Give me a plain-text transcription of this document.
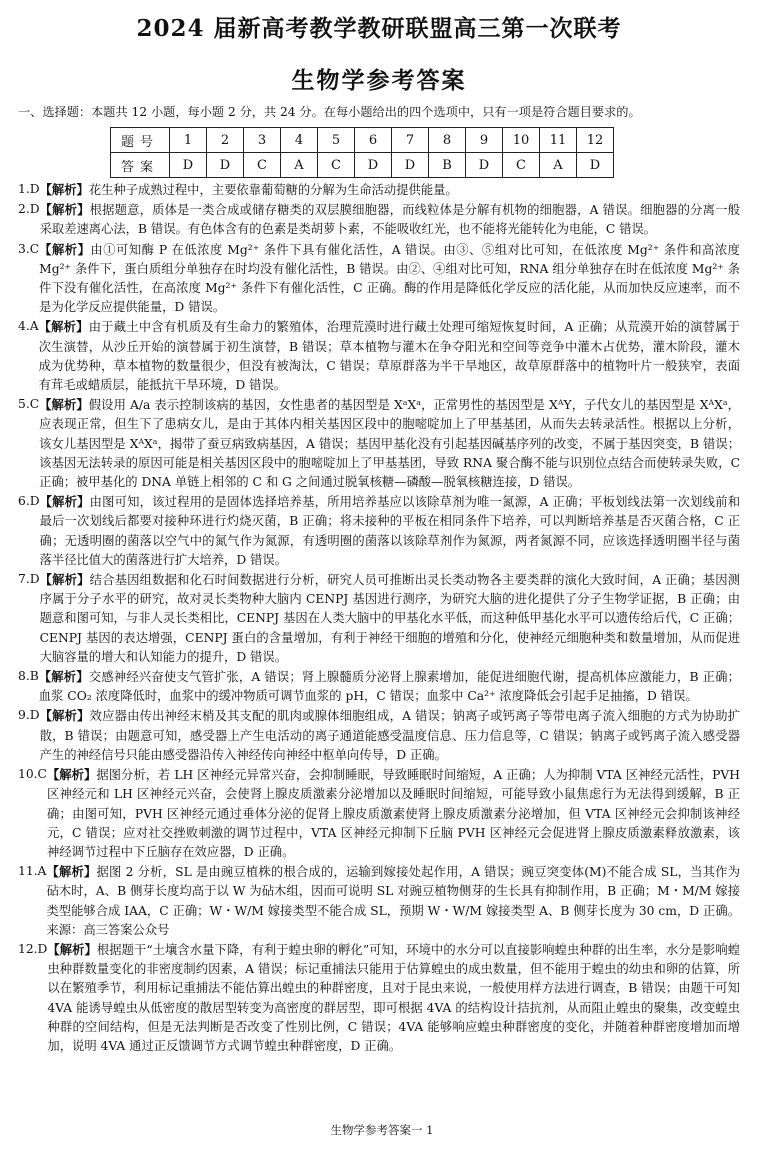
2024 届新高考教学教研联盟高三第一次联考
生物学参考答案
一、选择题：本题共 12 小题，每小题 2 分，共 24 分。在每小题给出的四个选项中，只有一项是符合题目要求的。
题号	1	2	3	4	5	6	7	8	9	10	11	12
答案	D	D	C	A	C	D	D	B	D	C	A	D
1.D 【解析】花生种子成熟过程中，主要依靠葡萄糖的分解为生命活动提供能量。
2.D 【解析】根据题意，质体是一类合成或储存糖类的双层膜细胞器，而线粒体是分解有机物的细胞器，A 错误。细胞器的分离一般采取差速离心法，B 错误。有色体含有的色素是类胡萝卜素，不能吸收红光，也不能将光能转化为电能，C 错误。
3.C 【解析】由①可知酶 P 在低浓度 Mg²⁺ 条件下具有催化活性，A 错误。由③、⑤组对比可知，在低浓度 Mg²⁺ 条件和高浓度 Mg²⁺ 条件下，蛋白质组分单独存在时均没有催化活性，B 错误。由②、④组对比可知，RNA 组分单独存在时在低浓度 Mg²⁺ 条件下没有催化活性，在高浓度 Mg²⁺ 条件下有催化活性，C 正确。酶的作用是降低化学反应的活化能，从而加快反应速率，而不是为化学反应提供能量，D 错误。
4.A 【解析】由于藏土中含有机质及有生命力的繁殖体，治理荒漠时进行藏土处理可缩短恢复时间，A 正确；从荒漠开始的演替属于次生演替，从沙丘开始的演替属于初生演替，B 错误；草本植物与灌木在争夺阳光和空间等竞争中灌木占优势，灌木阶段，灌木成为优势种，草本植物的数量很少，但没有被淘汰，C 错误；草原群落为半干旱地区，故草原群落中的植物叶片一般狭窄，表面有茸毛或蜡质层，能抵抗干旱环境，D 错误。
5.C 【解析】假设用 A/a 表示控制该病的基因，女性患者的基因型是 XᵃXᵃ，正常男性的基因型是 XᴬY，子代女儿的基因型是 XᴬXᵃ，应表现正常，但生下了患病女儿，是由于其体内相关基因区段中的胞嘧啶加上了甲基基团，从而失去转录活性。根据以上分析，该女儿基因型是 XᴬXᵃ，揭带了蚕豆病致病基因，A 错误；基因甲基化没有引起基因碱基序列的改变，不属于基因突变，B 错误；该基因无法转录的原因可能是相关基因区段中的胞嘧啶加上了甲基基团，导致 RNA 聚合酶不能与识别位点结合而使转录失败，C 正确；被甲基化的 DNA 单链上相邻的 C 和 G 之间通过脱氧核糖—磷酸—脱氧核糖连接，D 错误。
6.D 【解析】由图可知，该过程用的是固体选择培养基，所用培养基应以该除草剂为唯一氮源，A 正确；平板划线法第一次划线前和最后一次划线后都要对接种环进行灼烧灭菌，B 正确；将未接种的平板在相同条件下培养，可以判断培养基是否灭菌合格，C 正确；无透明圈的菌落以空气中的氮气作为氮源，有透明圈的菌落以该除草剂作为氮源，两者氮源不同，应该选择透明圈半径与菌落半径比值大的菌落进行扩大培养，D 错误。
7.D 【解析】结合基因组数据和化石时间数据进行分析，研究人员可推断出灵长类动物各主要类群的演化大致时间，A 正确；基因测序属于分子水平的研究，故对灵长类物种大脑内 CENPJ 基因进行测序，为研究大脑的进化提供了分子生物学证据，B 正确；由题意和图可知，与非人灵长类相比，CENPJ 基因在人类大脑中的甲基化水平低，而这种低甲基化水平可以遗传给后代，C 正确；CENPJ 基因的表达增强，CENPJ 蛋白的含量增加，有利于神经干细胞的增殖和分化，使神经元细胞种类和数量增加，从而促进大脑容量的增大和认知能力的提升，D 错误。
8.B 【解析】交感神经兴奋使支气管扩张，A 错误；肾上腺髓质分泌肾上腺素增加，能促进细胞代谢，提高机体应激能力，B 正确；血浆 CO₂ 浓度降低时，血浆中的缓冲物质可调节血浆的 pH，C 错误；血浆中 Ca²⁺ 浓度降低会引起手足抽搐，D 错误。
9.D 【解析】效应器由传出神经末梢及其支配的肌肉或腺体细胞组成，A 错误；钠离子或钙离子等带电离子流入细胞的方式为协助扩散，B 错误；由题意可知，感受器上产生电活动的离子通道能感受温度信息、压力信息等，C 错误；钠离子或钙离子流入感受器产生的神经信号只能由感受器沿传入神经传向神经中枢单向传导，D 正确。
10.C 【解析】据图分析，若 LH 区神经元异常兴奋，会抑制睡眠，导致睡眠时间缩短，A 正确；人为抑制 VTA 区神经元活性，PVH 区神经元和 LH 区神经元兴奋，会使肾上腺皮质激素分泌增加以及睡眠时间缩短，可能导致小鼠焦虑行为无法得到缓解，B 正确；由图可知，PVH 区神经元通过垂体分泌的促肾上腺皮质激素使肾上腺皮质激素分泌增加，但 VTA 区神经元会抑制该神经元，C 错误；应对社交挫败刺激的调节过程中，VTA 区神经元抑制下丘脑 PVH 区神经元会促进肾上腺皮质激素释放激素，该神经调节过程中下丘脑存在效应器，D 正确。
11.A 【解析】据图 2 分析，SL 是由豌豆植株的根合成的，运输到嫁接处起作用，A 错误；豌豆突变体(M)不能合成 SL，当其作为砧木时，A、B 侧芽长度均高于以 W 为砧木组，因而可说明 SL 对豌豆植物侧芽的生长具有抑制作用，B 正确；M・M/M 嫁接类型能够合成 IAA，C 正确；W・W/M 嫁接类型不能合成 SL，预期 W・W/M 嫁接类型 A、B 侧芽长度为 30 cm，D 正确。来源：高三答案公众号
12.D 【解析】根据题干“土壤含水量下降，有利于蝗虫卵的孵化”可知，环境中的水分可以直接影响蝗虫种群的出生率，水分是影响蝗虫种群数量变化的非密度制约因素，A 错误；标记重捕法只能用于估算蝗虫的成虫数量，但不能用于蝗虫的幼虫和卵的估算，所以在繁殖季节，利用标记重捕法不能估算出蝗虫的种群密度，且对于昆虫来说，一般使用样方法进行调查，B 错误；由题干可知 4VA 能诱导蝗虫从低密度的散居型转变为高密度的群居型，即可根据 4VA 的结构设计拮抗剂，从而阻止蝗虫的聚集，改变蝗虫种群的空间结构，但是无法判断是否改变了性别比例，C 错误；4VA 能够响应蝗虫种群密度的变化，并随着种群密度增加而增加，说明 4VA 通过正反馈调节方式调节蝗虫种群密度，D 正确。
生物学参考答案一 1
